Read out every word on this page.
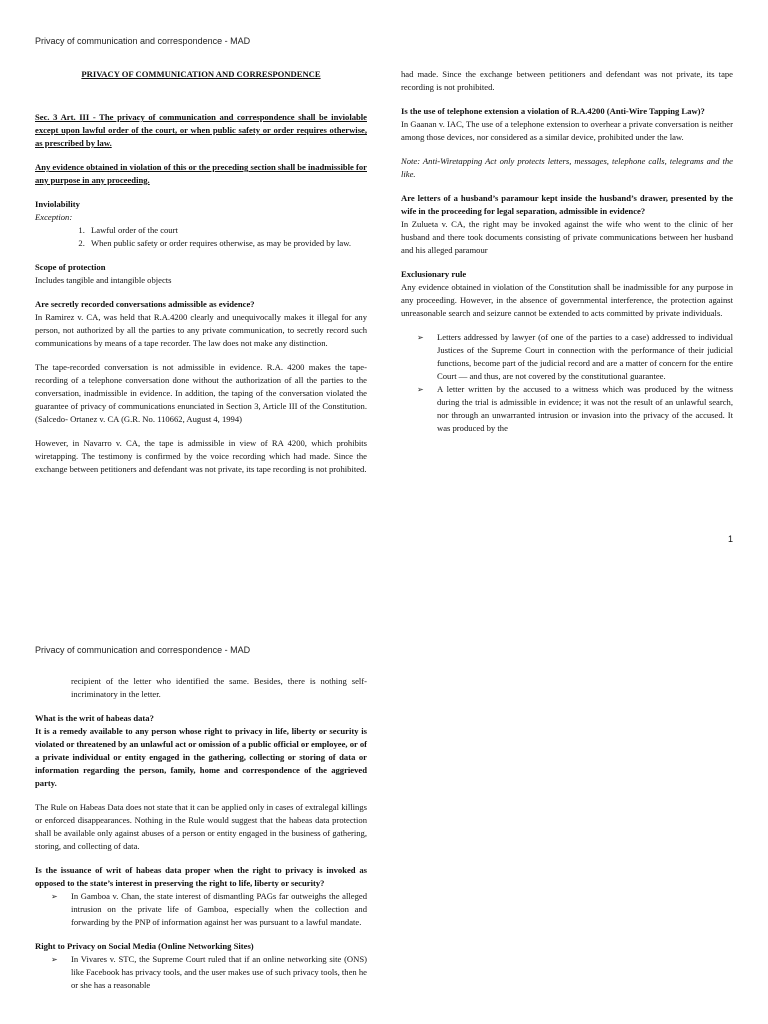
Privacy of communication and correspondence - MAD

PRIVACY OF COMMUNICATION AND CORRESPONDENCE

Sec. 3 Art. III - The privacy of communication and correspondence shall be inviolable except upon lawful order of the court, or when public safety or order requires otherwise, as prescribed by law.

Any evidence obtained in violation of this or the preceding section shall be inadmissible for any purpose in any proceeding.

Inviolability

Exception:

1. Lawful order of the court
2. When public safety or order requires otherwise, as may be provided by law.

Scope of protection

Includes tangible and intangible objects

Are secretly recorded conversations admissible as evidence?

In Ramirez v. CA, was held that R.A.4200 clearly and unequivocally makes it illegal for any person, not authorized by all the parties to any private communication, to secretly record such communications by means of a tape recorder. The law does not make any distinction.

The tape-recorded conversation is not admissible in evidence. R.A. 4200 makes the tape-recording of a telephone conversation done without the authorization of all the parties to the conversation, inadmissible in evidence. In addition, the taping of the conversation violated the guarantee of privacy of communications enunciated in Section 3, Article III of the Constitution. (Salcedo- Ortanez v. CA (G.R. No. 110662, August 4, 1994)

However, in Navarro v. CA, the tape is admissible in view of RA 4200, which prohibits wiretapping. The testimony is confirmed by the voice recording which had made. Since the exchange between petitioners and defendant was not private, its tape recording is not prohibited.

had made. Since the exchange between petitioners and defendant was not private, its tape recording is not prohibited.

Is the use of telephone extension a violation of R.A.4200 (Anti-Wire Tapping Law)?

In Gaanan v. IAC, The use of a telephone extension to overhear a private conversation is neither among those devices, nor considered as a similar device, prohibited under the law.

Note: Anti-Wiretapping Act only protects letters, messages, telephone calls, telegrams and the like.

Are letters of a husband’s paramour kept inside the husband’s drawer, presented by the wife in the proceeding for legal separation, admissible in evidence?

In Zulueta v. CA, the right may be invoked against the wife who went to the clinic of her husband and there took documents consisting of private communications between her husband and his alleged paramour

Exclusionary rule

Any evidence obtained in violation of the Constitution shall be inadmissible for any purpose in any proceeding. However, in the absence of governmental interference, the protection against unreasonable search and seizure cannot be extended to acts committed by private individuals.

➢ Letters addressed by lawyer (of one of the parties to a case) addressed to individual Justices of the Supreme Court in connection with the performance of their judicial functions, become part of the judicial record and are a matter of concern for the entire Court — and thus, are not covered by the constitutional guarantee.
➢ A letter written by the accused to a witness which was produced by the witness during the trial is admissible in evidence; it was not the result of an unlawful search, nor through an unwarranted intrusion or invasion into the privacy of the accused. It was produced by the
1
Privacy of communication and correspondence - MAD

recipient of the letter who identified the same. Besides, there is nothing self-incriminatory in the letter.

What is the writ of habeas data?

It is a remedy available to any person whose right to privacy in life, liberty or security is violated or threatened by an unlawful act or omission of a public official or employee, or of a private individual or entity engaged in the gathering, collecting or storing of data or information regarding the person, family, home and correspondence of the aggrieved party.

The Rule on Habeas Data does not state that it can be applied only in cases of extralegal killings or enforced disappearances. Nothing in the Rule would suggest that the habeas data protection shall be available only against abuses of a person or entity engaged in the business of gathering, storing, and collecting of data.

Is the issuance of writ of habeas data proper when the right to privacy is invoked as opposed to the state’s interest in preserving the right to life, liberty or security?

➢ In Gamboa v. Chan, the state interest of dismantling PAGs far outweighs the alleged intrusion on the private life of Gamboa, especially when the collection and forwarding by the PNP of information against her was pursuant to a lawful mandate.

Right to Privacy on Social Media (Online Networking Sites)

➢ In Vivares v. STC, the Supreme Court ruled that if an online networking site (ONS) like Facebook has privacy tools, and the user makes use of such privacy tools, then he or she has a reasonable
